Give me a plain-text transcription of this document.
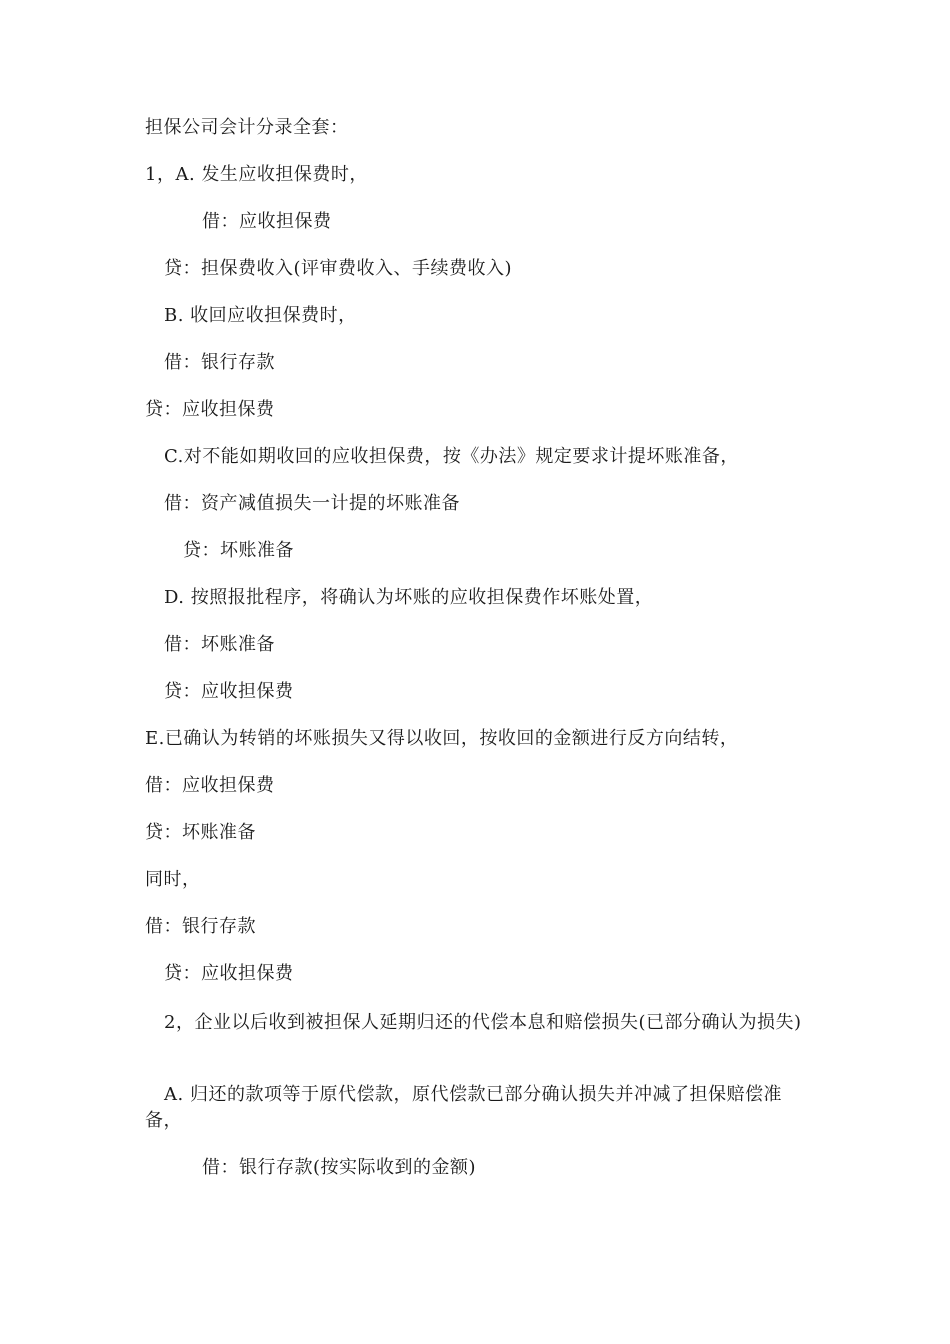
担保公司会计分录全套：
1，A. 发生应收担保费时，
借：应收担保费
贷：担保费收入(评审费收入、手续费收入)
B. 收回应收担保费时，
借：银行存款
贷：应收担保费
C.对不能如期收回的应收担保费，按《办法》规定要求计提坏账准备，
借：资产减值损失一计提的坏账准备
贷：坏账准备
D. 按照报批程序，将确认为坏账的应收担保费作坏账处置，
借：坏账准备
贷：应收担保费
E.已确认为转销的坏账损失又得以收回，按收回的金额进行反方向结转，
借：应收担保费
贷：坏账准备
同时，
借：银行存款
贷：应收担保费
2，企业以后收到被担保人延期归还的代偿本息和赔偿损失(已部分确认为损失)
A. 归还的款项等于原代偿款，原代偿款已部分确认损失并冲减了担保赔偿准备，
借：银行存款(按实际收到的金额)
